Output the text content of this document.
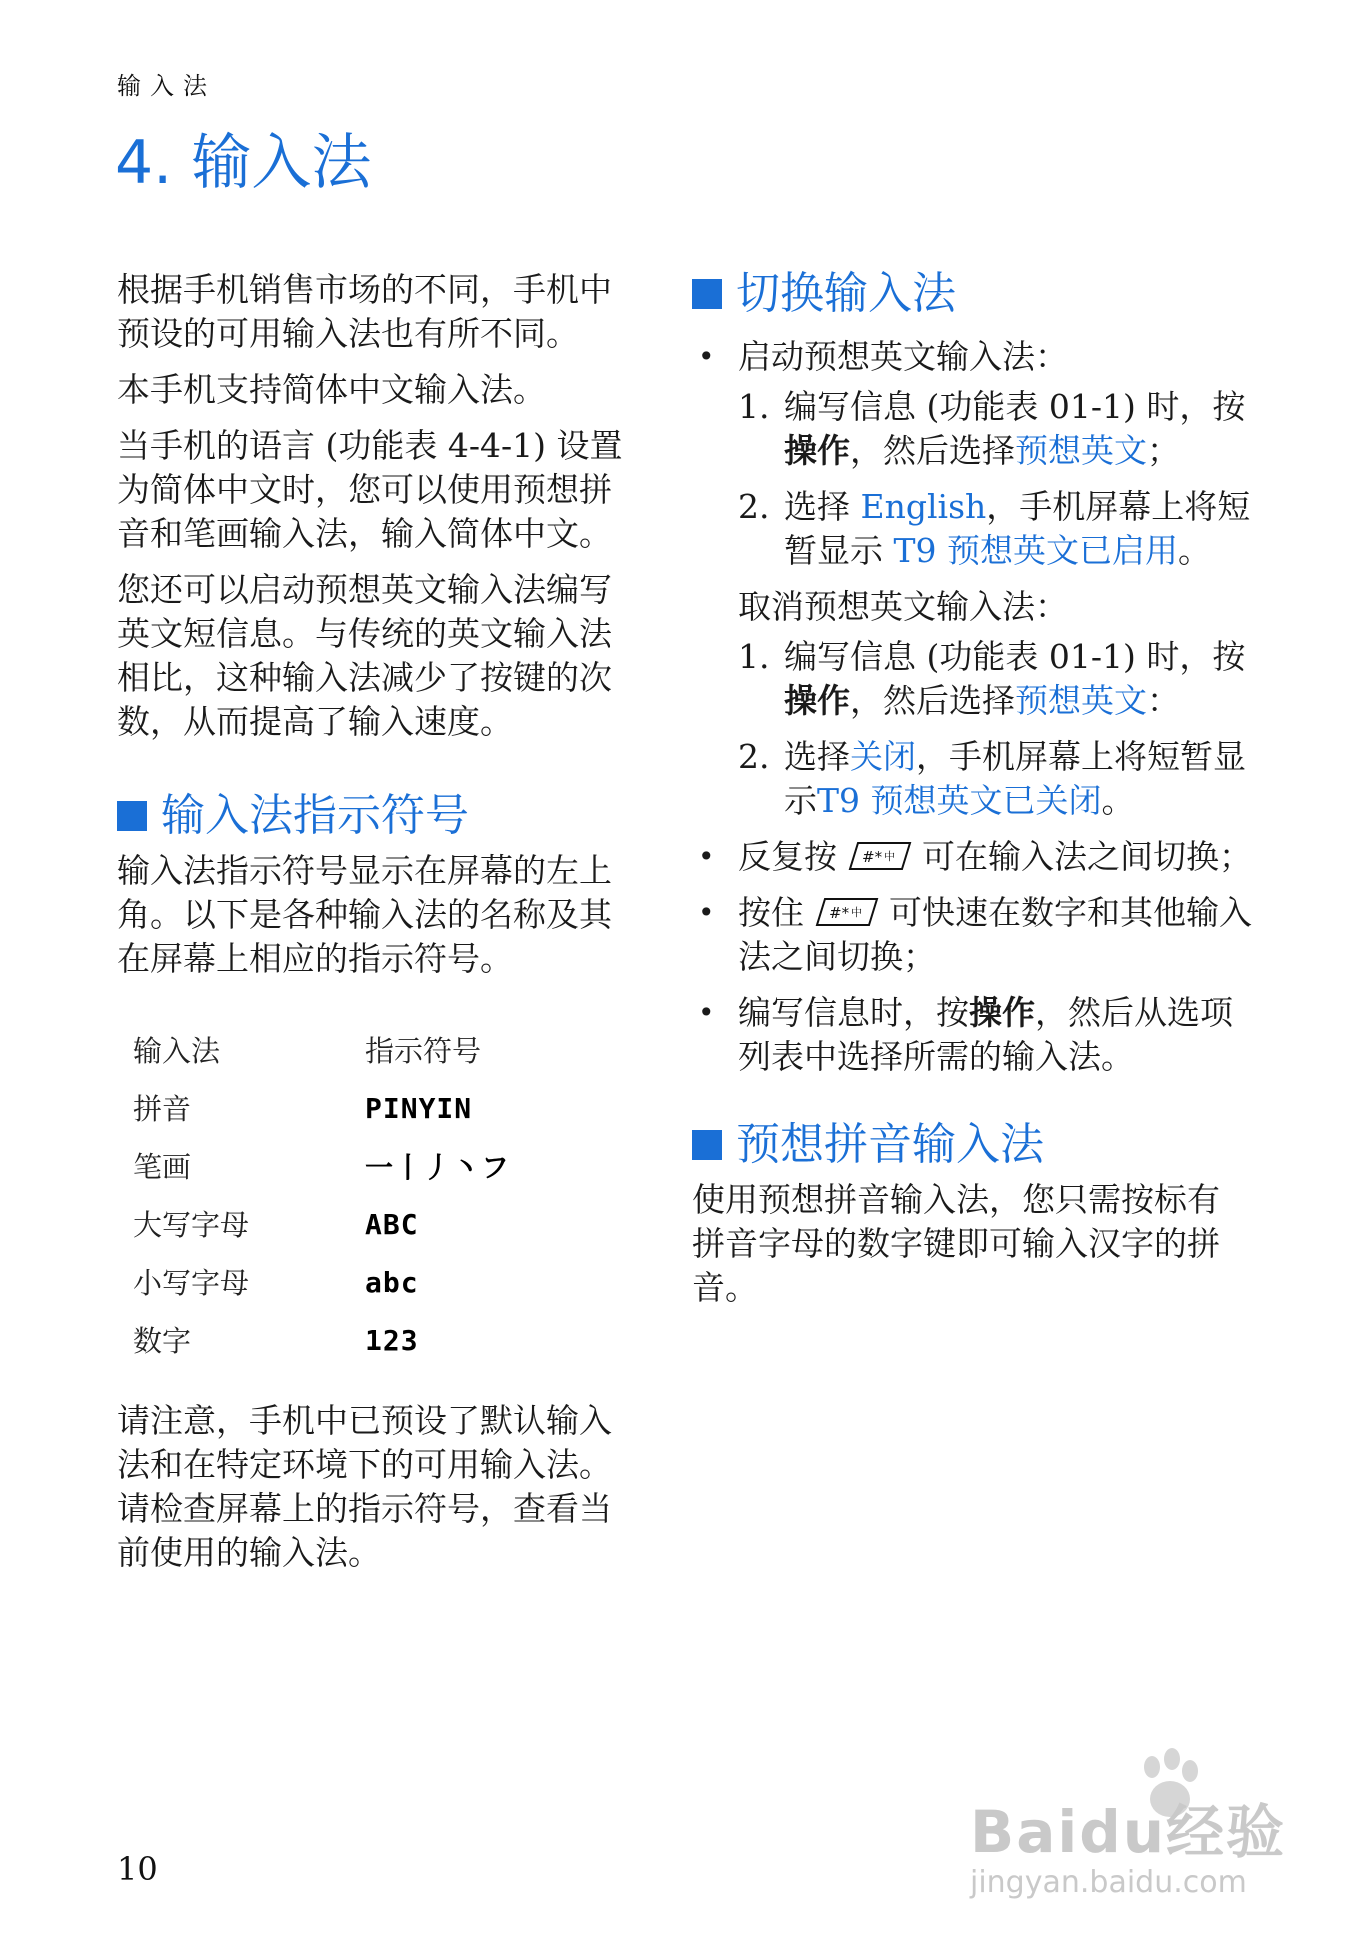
输入法
4. 输入法

根据手机销售市场的不同，手机中预设的可用输入法也有所不同。

本手机支持简体中文输入法。

当手机的语言 (功能表 4-4-1) 设置为简体中文时，您可以使用预想拼音和笔画输入法，输入简体中文。

您还可以启动预想英文输入法编写英文短信息。与传统的英文输入法相比，这种输入法减少了按键的次数，从而提高了输入速度。

输入法指示符号

输入法指示符号显示在屏幕的左上角。以下是各种输入法的名称及其在屏幕上相应的指示符号。

输入法	指示符号
拼音	PINYIN
笔画	一丨丿丶フ
大写字母	ABC
小写字母	abc
数字	123

请注意，手机中已预设了默认输入法和在特定环境下的可用输入法。请检查屏幕上的指示符号，查看当前使用的输入法。

切换输入法
• 启动预想英文输入法：
1. 编写信息 (功能表 01-1) 时，按操作，然后选择预想英文；
2. 选择 English，手机屏幕上将短暂显示 T9 预想英文已启用。
取消预想英文输入法：
1. 编写信息 (功能表 01-1) 时，按操作，然后选择预想英文：
2. 选择关闭，手机屏幕上将短暂显示T9 预想英文已关闭。
• 反复按 #* 中 可在输入法之间切换；
• 按住 #* 中 可快速在数字和其他输入法之间切换；
• 编写信息时，按操作，然后从选项列表中选择所需的输入法。
预想拼音输入法

使用预想拼音输入法，您只需按标有拼音字母的数字键即可输入汉字的拼音。

10
Baidu经验
jingyan.baidu.com
